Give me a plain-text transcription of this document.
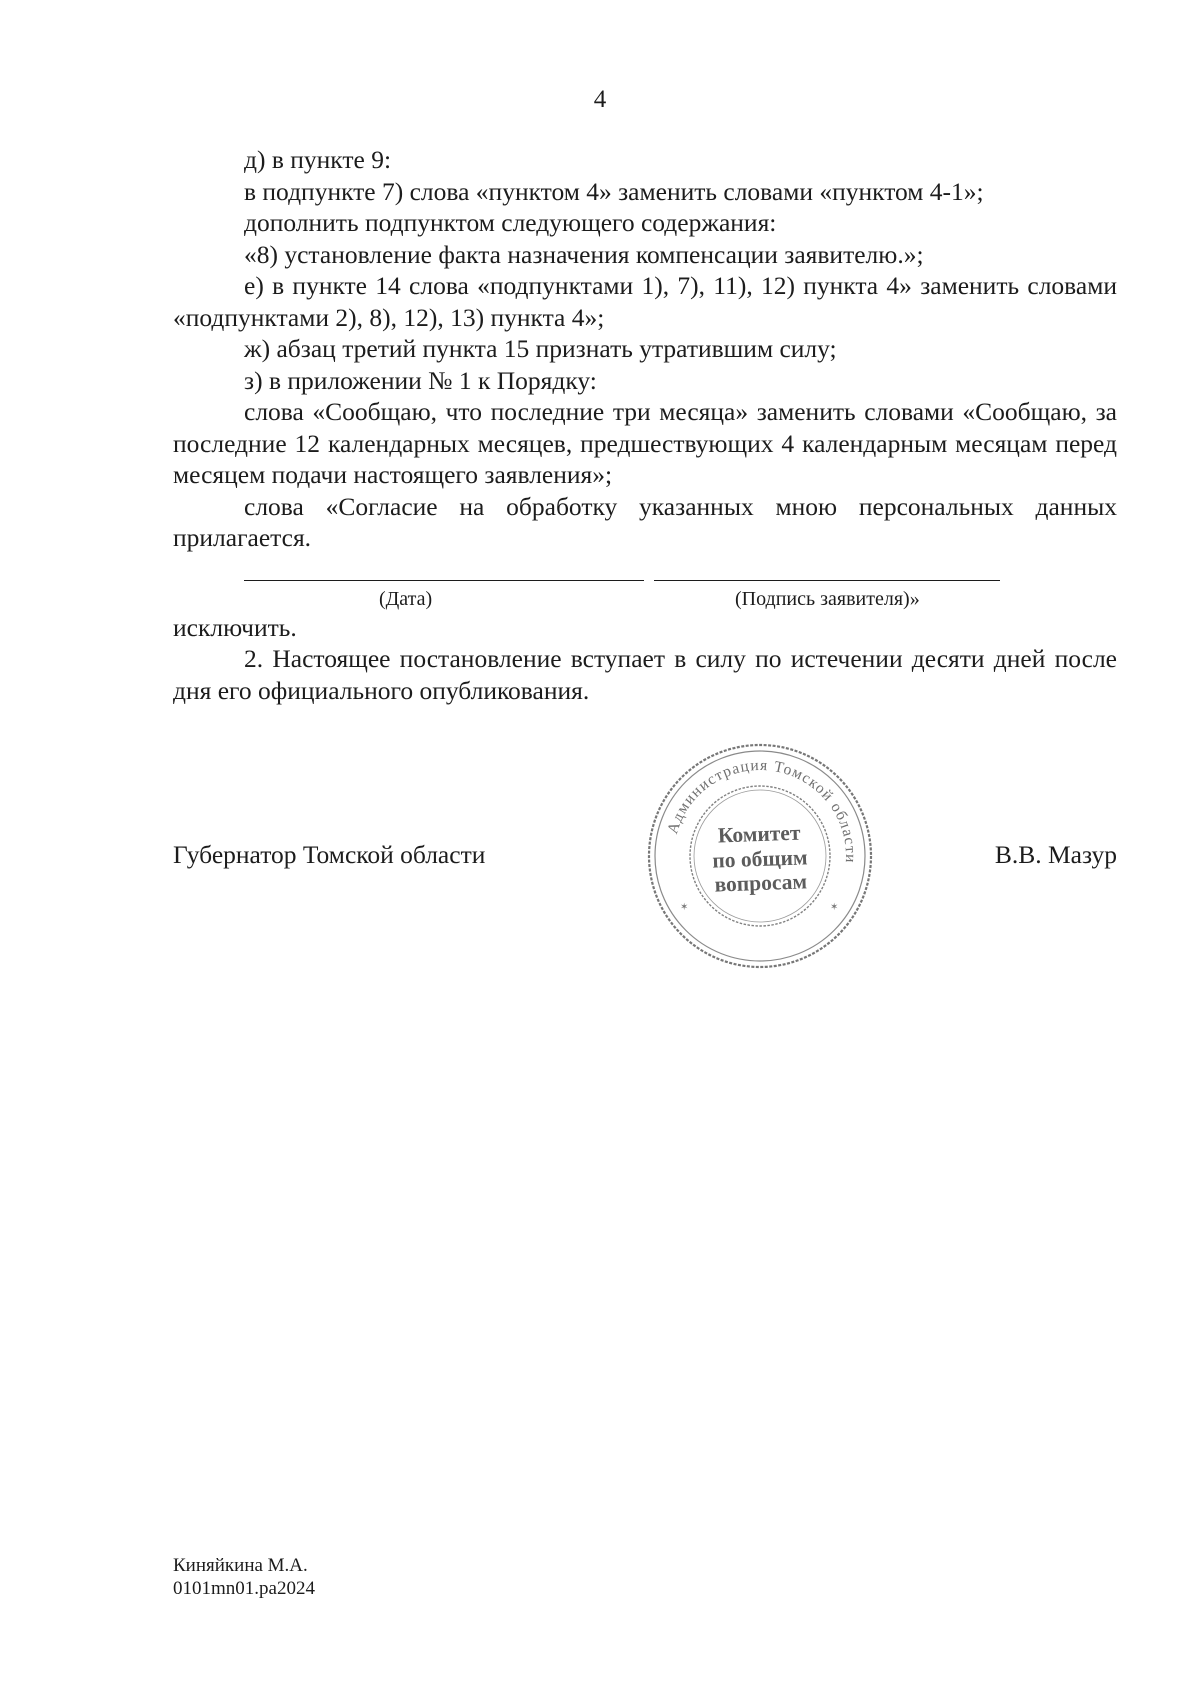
4

д) в пункте 9:

в подпункте 7) слова «пунктом 4» заменить словами «пунктом 4-1»;

дополнить подпунктом следующего содержания:

«8) установление факта назначения компенсации заявителю.»;

е) в пункте 14 слова «подпунктами 1), 7), 11), 12) пункта 4» заменить словами «подпунктами 2), 8), 12), 13) пункта 4»;

ж) абзац третий пункта 15 признать утратившим силу;

з) в приложении № 1 к Порядку:

слова «Сообщаю, что последние три месяца» заменить словами «Сообщаю, за последние 12 календарных месяцев, предшествующих 4 календарным месяцам перед месяцем подачи настоящего заявления»;

слова «Согласие на обработку указанных мною персональных данных прилагается.

(Дата)	(Подпись заявителя)»

исключить.

2. Настоящее постановление вступает в силу по истечении десяти дней после дня его официального опубликования.

Губернатор Томской области	В.В. Мазур
Администрация Томской области
✶	✶
Комитет
по общим
вопросам
Киняйкина М.А.
0101mn01.pa2024
